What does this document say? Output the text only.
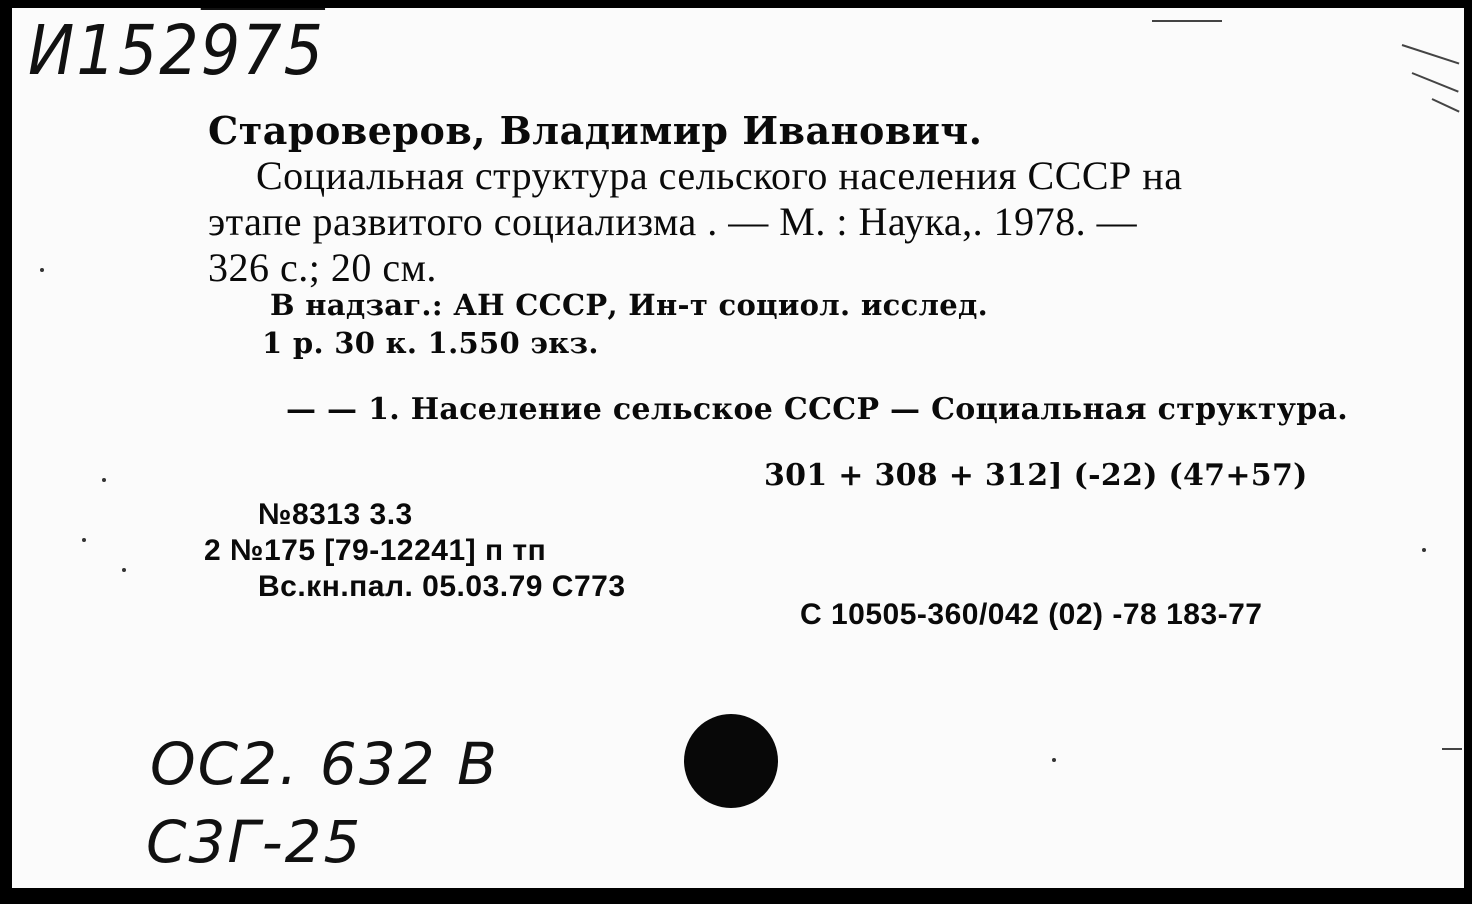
И152975
Староверов, Владимир Иванович.
Социальная структура сельского населения СССР на
этапе развитого социализма . — М. : Наука,. 1978. —
326 с.; 20 см.
В надзаг.: АН СССР, Ин-т социол. исслед.
1 р. 30 к. 1.550 экз.
— — 1. Население сельское СССР — Социальная структура.
301 + 308 + 312] (-22) (47+57)
№8313 3.3
2 №175 [79-12241] п тп
Вс.кн.пал. 05.03.79 С773
С 10505-360/042 (02) -78 183-77
ОС2. 632 В
С3Г-25
